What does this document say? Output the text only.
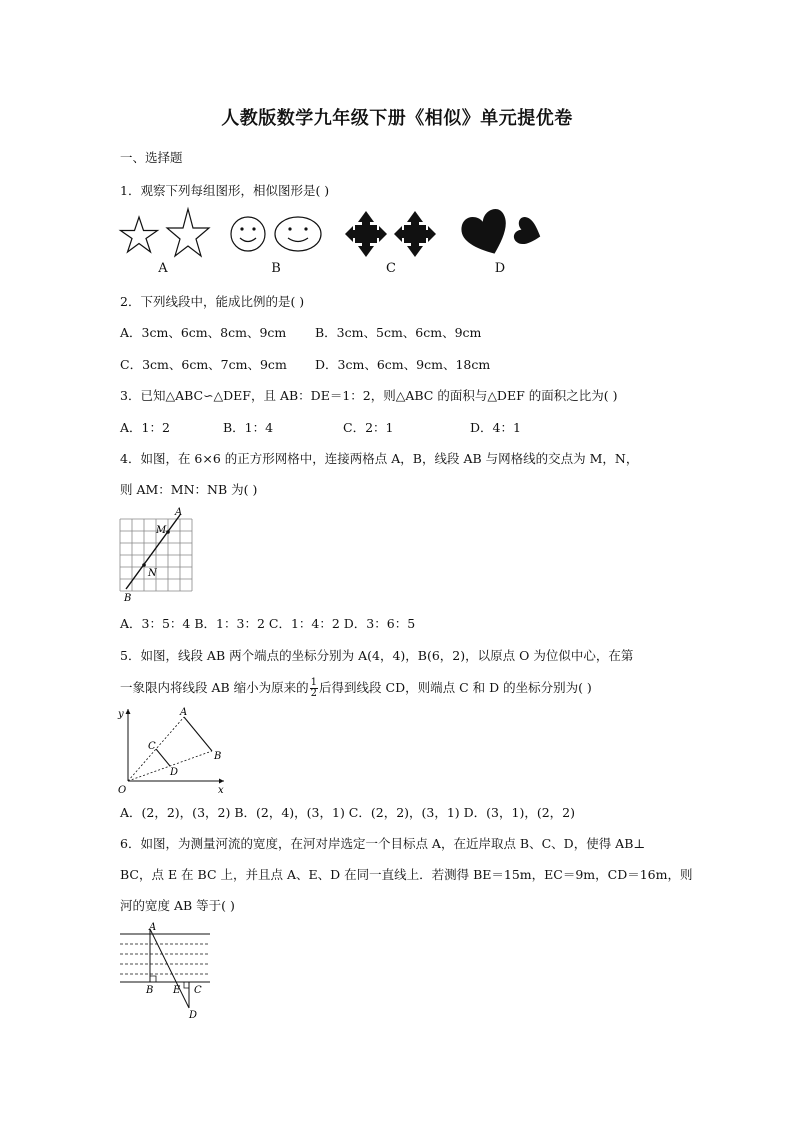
人教版数学九年级下册《相似》单元提优卷
一、选择题
1．观察下列每组图形，相似图形是( )
A	B	C	D
2．下列线段中，能成比例的是( )
A．3cm、6cm、8cm、9cm B．3cm、5cm、6cm、9cm
C．3cm、6cm、7cm、9cm D．3cm、6cm、9cm、18cm
3．已知△ABC∽△DEF，且 AB：DE＝1：2，则△ABC 的面积与△DEF 的面积之比为( )
A．1：2	B．1：4	C．2：1	D．4：1
4．如图，在 6×6 的正方形网格中，连接两格点 A，B，线段 AB 与网格线的交点为 M，N，
则 AM：MN：NB 为( )
A
M
N
B
A．3：5：4 B．1：3：2 C．1：4：2 D．3：6：5
5．如图，线段 AB 两个端点的坐标分别为 A(4，4)，B(6，2)，以原点 O 为位似中心，在第
一象限内将线段 AB 缩小为原来的 $\frac{1}{2}$ 后得到线段 CD，则端点 C 和 D 的坐标分别为( )
y
x
O
A
B
C
D
A．(2，2)，(3，2) B．(2，4)，(3，1) C．(2，2)，(3，1) D．(3，1)，(2，2)
6．如图，为测量河流的宽度，在河对岸选定一个目标点 A，在近岸取点 B、C、D，使得 AB⊥
BC，点 E 在 BC 上，并且点 A、E、D 在同一直线上．若测得 BE＝15m，EC＝9m，CD＝16m，则
河的宽度 AB 等于( )
A
B E C
D
